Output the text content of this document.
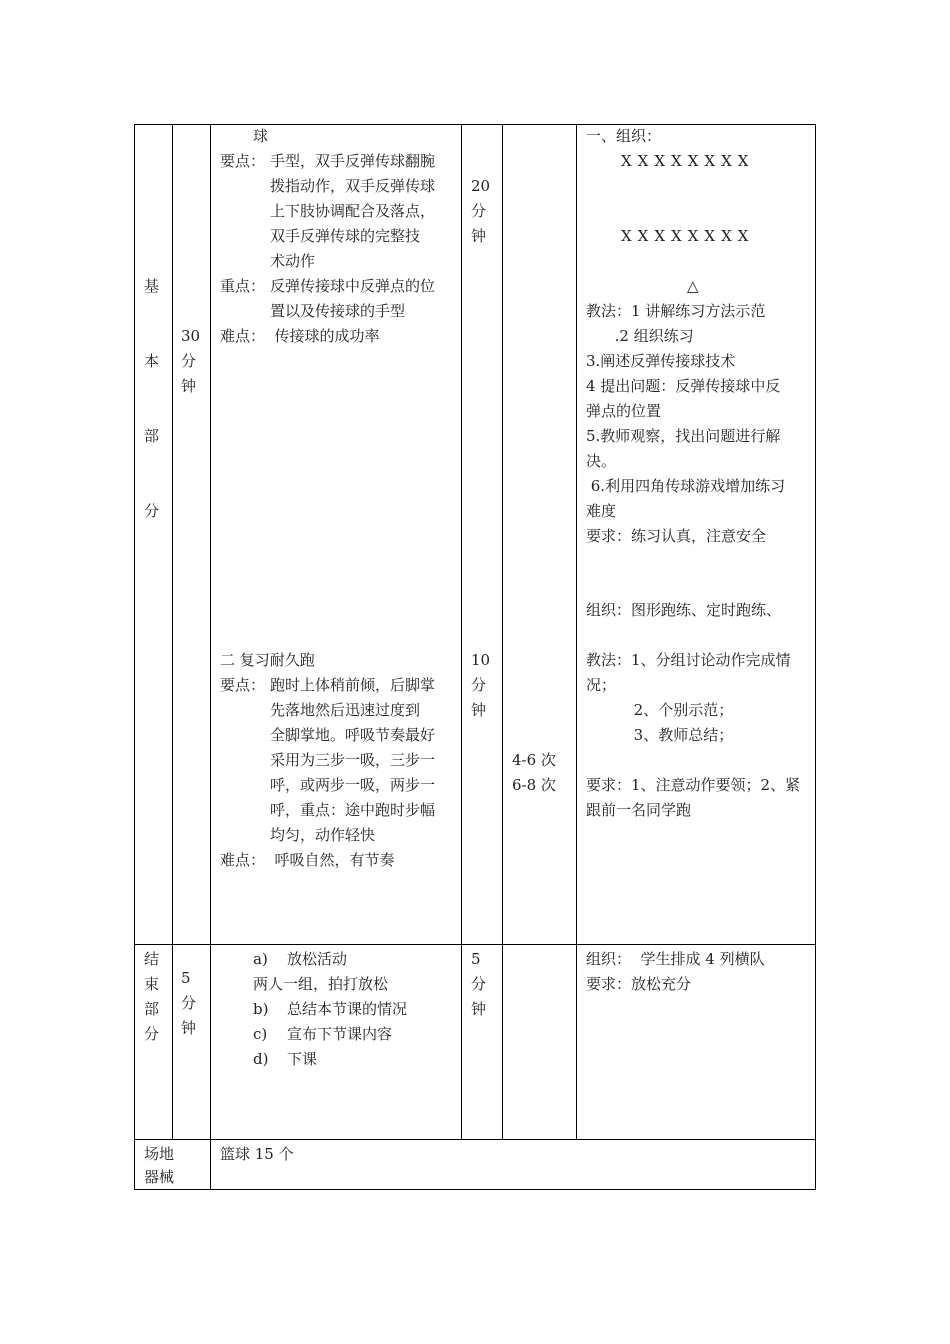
基
本
部
分
30
分
钟
球
要点： 手型，双手反弹传球翻腕
拨指动作，双手反弹传球
上下肢协调配合及落点，
双手反弹传球的完整技
术动作
重点： 反弹传接球中反弹点的位
置以及传接球的手型
难点：  传接球的成功率
20
分
钟
一、组织：
XXXXXXXX
XXXXXXXX
△
教法：1 讲解练习方法示范
.2 组织练习
3.阐述反弹传接球技术
4 提出问题：反弹传接球中反
弹点的位置
5.教师观察，找出问题进行解
决。
6.利用四角传球游戏增加练习
难度
要求：练习认真，注意安全
二 复习耐久跑
要点： 跑时上体稍前倾，后脚掌
先落地然后迅速过度到
全脚掌地。呼吸节奏最好
采用为三步一吸，三步一
呼，或两步一吸，两步一
呼，重点：途中跑时步幅
均匀，动作轻快
难点：  呼吸自然，有节奏
10
分
钟
4-6 次
6-8 次
组织：图形跑练、定时跑练、
教法：1、分组讨论动作完成情
况；
2、个别示范；
3、教师总结；
要求：1、注意动作要领；2、紧
跟前一名同学跑
结
束
部
分
5
分
钟
a) 放松活动
两人一组，拍打放松
b) 总结本节课的情况
c) 宣布下节课内容
d) 下课
5
分
钟
组织：  学生排成 4 列横队
要求：放松充分
场地
器械
篮球 15 个
